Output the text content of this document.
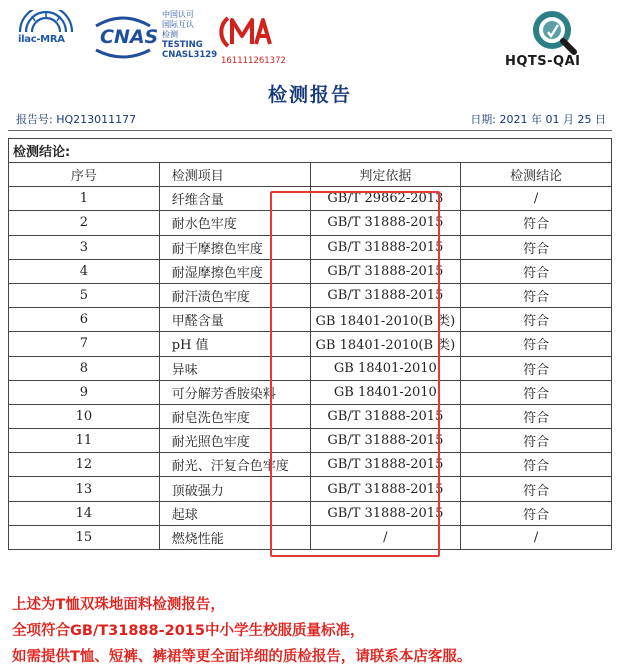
ilac-MRA CNAS
中国认可
国际互认
检测
TESTING
CNASL3129
161111261372	HQTS-QAI
检测报告
报告号: HQ213011177	日期: 2021 年 01 月 25 日
检测结论:			
序号	检测项目	判定依据	检测结论
1	纤维含量	GB/T 29862-2013	/
2	耐水色牢度	GB/T 31888-2015	符合
3	耐干摩擦色牢度	GB/T 31888-2015	符合
4	耐湿摩擦色牢度	GB/T 31888-2015	符合
5	耐汗渍色牢度	GB/T 31888-2015	符合
6	甲醛含量	GB 18401-2010(B 类)	符合
7	pH 值	GB 18401-2010(B 类)	符合
8	异味	GB 18401-2010	符合
9	可分解芳香胺染料	GB 18401-2010	符合
10	耐皂洗色牢度	GB/T 31888-2015	符合
11	耐光照色牢度	GB/T 31888-2015	符合
12	耐光、汗复合色牢度	GB/T 31888-2015	符合
13	顶破强力	GB/T 31888-2015	符合
14	起球	GB/T 31888-2015	符合
15	燃烧性能	/	/
上述为T恤双珠地面料检测报告，
全项符合GB/T31888-2015中小学生校服质量标准，
如需提供T恤、短裤、裤裙等更全面详细的质检报告，请联系本店客服。
